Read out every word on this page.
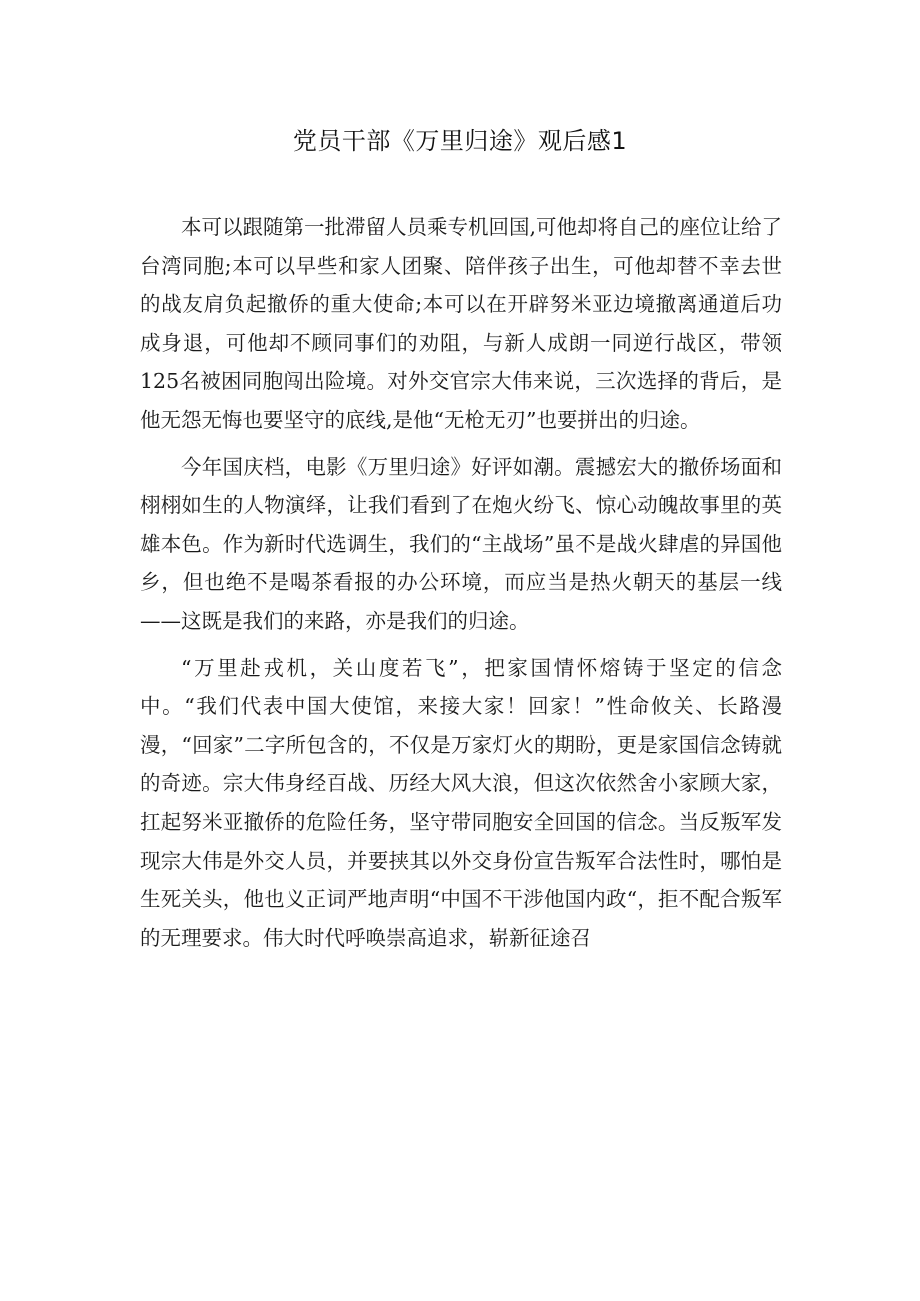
党员干部《万里归途》观后感1

本可以跟随第一批滞留人员乘专机回国,可他却将自己的座位让给了台湾同胞;本可以早些和家人团聚、陪伴孩子出生，可他却替不幸去世的战友肩负起撤侨的重大使命;本可以在开辟努米亚边境撤离通道后功成身退，可他却不顾同事们的劝阻，与新人成朗一同逆行战区，带领125名被困同胞闯出险境。对外交官宗大伟来说，三次选择的背后，是他无怨无悔也要坚守的底线,是他“无枪无刃”也要拼出的归途。

今年国庆档，电影《万里归途》好评如潮。震撼宏大的撤侨场面和栩栩如生的人物演绎，让我们看到了在炮火纷飞、惊心动魄故事里的英雄本色。作为新时代选调生，我们的“主战场”虽不是战火肆虐的异国他乡，但也绝不是喝茶看报的办公环境，而应当是热火朝天的基层一线——这既是我们的来路，亦是我们的归途。

“万里赴戎机，关山度若飞”，把家国情怀熔铸于坚定的信念中。“我们代表中国大使馆，来接大家！回家！”性命攸关、长路漫漫，“回家”二字所包含的，不仅是万家灯火的期盼，更是家国信念铸就的奇迹。宗大伟身经百战、历经大风大浪，但这次依然舍小家顾大家，扛起努米亚撤侨的危险任务，坚守带同胞安全回国的信念。当反叛军发现宗大伟是外交人员，并要挟其以外交身份宣告叛军合法性时，哪怕是生死关头，他也义正词严地声明“中国不干涉他国内政“，拒不配合叛军的无理要求。伟大时代呼唤崇高追求，崭新征途召
